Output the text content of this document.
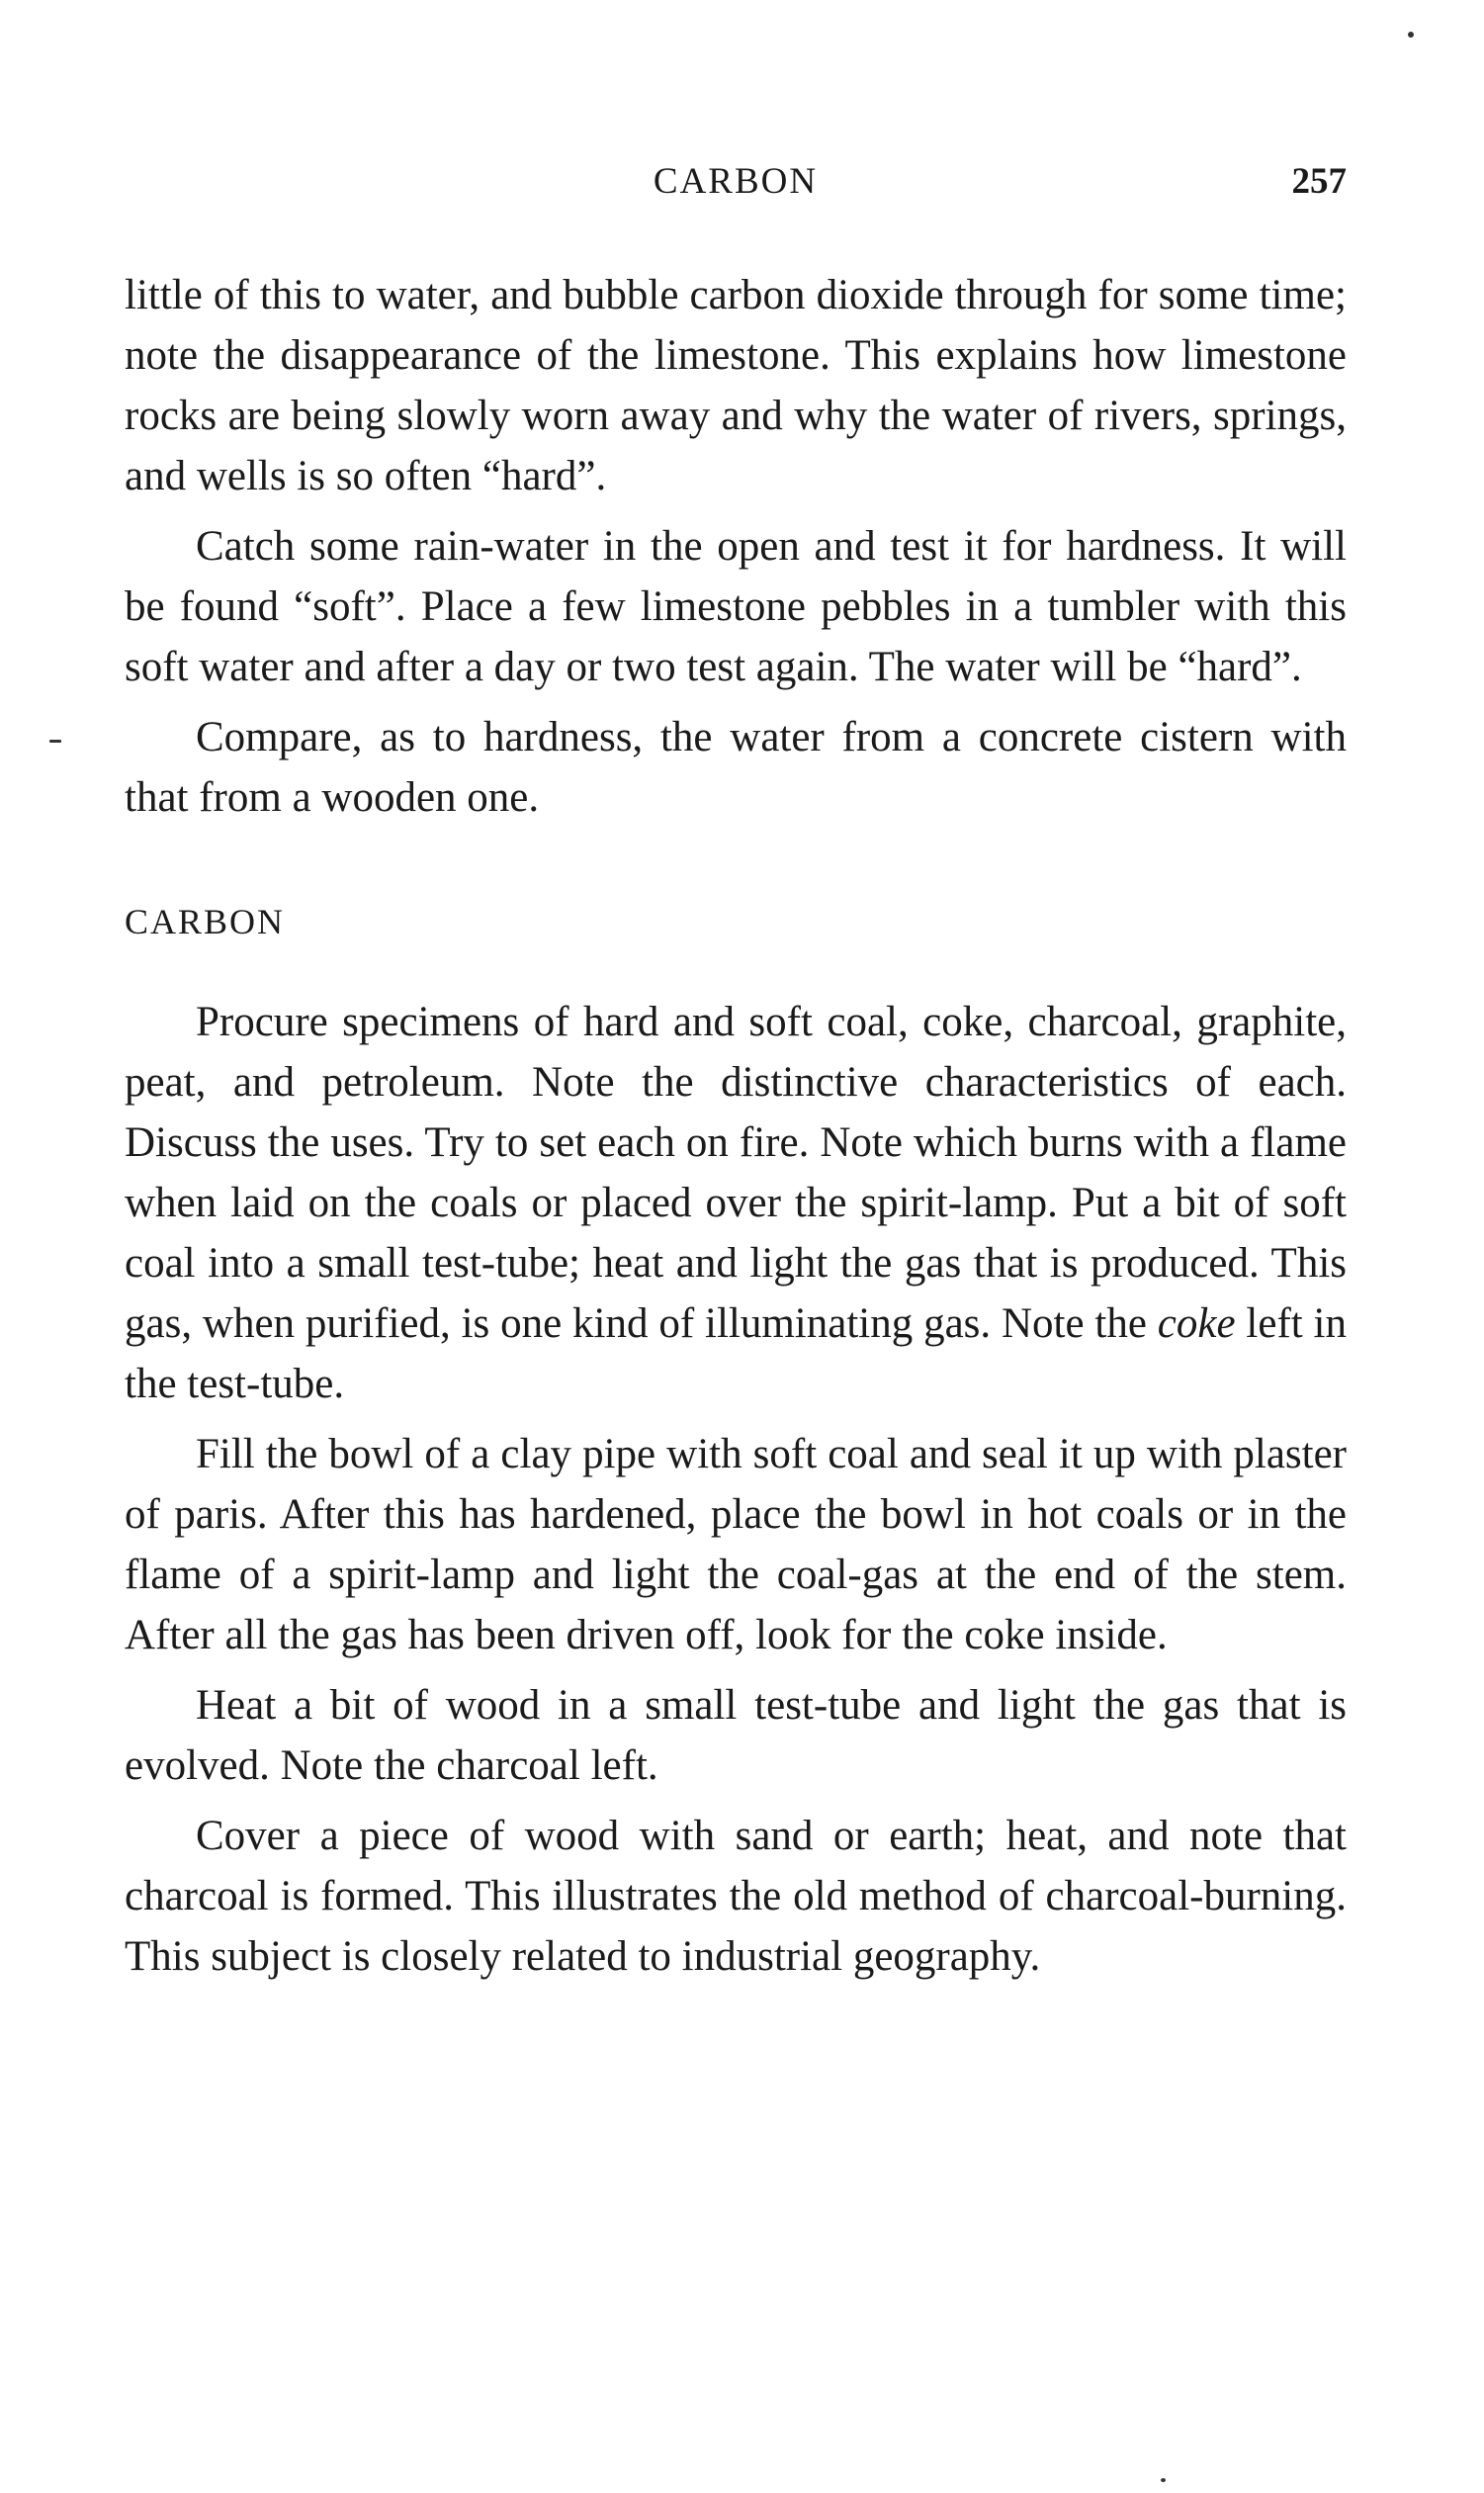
CARBON	257

little of this to water, and bubble carbon dioxide through for some time; note the disappearance of the limestone. This explains how limestone rocks are being slowly worn away and why the water of rivers, springs, and wells is so often “hard”.

Catch some rain-water in the open and test it for hardness. It will be found “soft”. Place a few limestone pebbles in a tumbler with this soft water and after a day or two test again. The water will be “hard”.

Compare, as to hardness, the water from a concrete cistern with that from a wooden one.

CARBON

Procure specimens of hard and soft coal, coke, charcoal, graphite, peat, and petroleum. Note the distinctive characteristics of each. Discuss the uses. Try to set each on fire. Note which burns with a flame when laid on the coals or placed over the spirit-lamp. Put a bit of soft coal into a small test-tube; heat and light the gas that is produced. This gas, when purified, is one kind of illuminating gas. Note the coke left in the test-tube.

Fill the bowl of a clay pipe with soft coal and seal it up with plaster of paris. After this has hardened, place the bowl in hot coals or in the flame of a spirit-lamp and light the coal-gas at the end of the stem. After all the gas has been driven off, look for the coke inside.

Heat a bit of wood in a small test-tube and light the gas that is evolved. Note the charcoal left.

Cover a piece of wood with sand or earth; heat, and note that charcoal is formed. This illustrates the old method of charcoal-burning. This subject is closely related to industrial geography.
